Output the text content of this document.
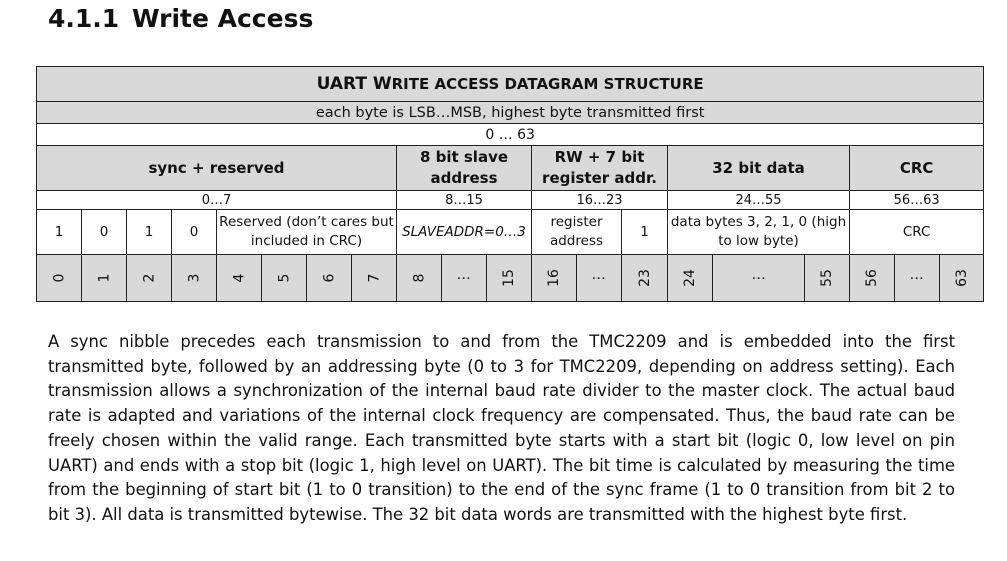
4.1.1 Write Access
UART WRITE ACCESS DATAGRAM STRUCTURE																			
each byte is LSB…MSB, highest byte transmitted first																			
0 … 63																			
sync + reserved								8 bit slave address			RW + 7 bit register addr.			32 bit data			CRC		
0…7								8…15			16…23			24…55			56…63		
1	0	1	0	Reserved (don’t cares but included in CRC)				SLAVEADDR=0…3			register address		1	data bytes 3, 2, 1, 0 (high to low byte)			CRC		
0	1	2	3	4	5	6	7	8	⋮	15	16	⋮	23	24	⋮	55	56	⋮	63

A sync nibble precedes each transmission to and from the TMC2209 and is embedded into the first transmitted byte, followed by an addressing byte (0 to 3 for TMC2209, depending on address setting). Each transmission allows a synchronization of the internal baud rate divider to the master clock. The actual baud rate is adapted and variations of the internal clock frequency are compensated. Thus, the baud rate can be freely chosen within the valid range. Each transmitted byte starts with a start bit (logic 0, low level on pin UART) and ends with a stop bit (logic 1, high level on UART). The bit time is calculated by measuring the time from the beginning of start bit (1 to 0 transition) to the end of the sync frame (1 to 0 transition from bit 2 to bit 3). All data is transmitted bytewise. The 32 bit data words are transmitted with the highest byte first.
